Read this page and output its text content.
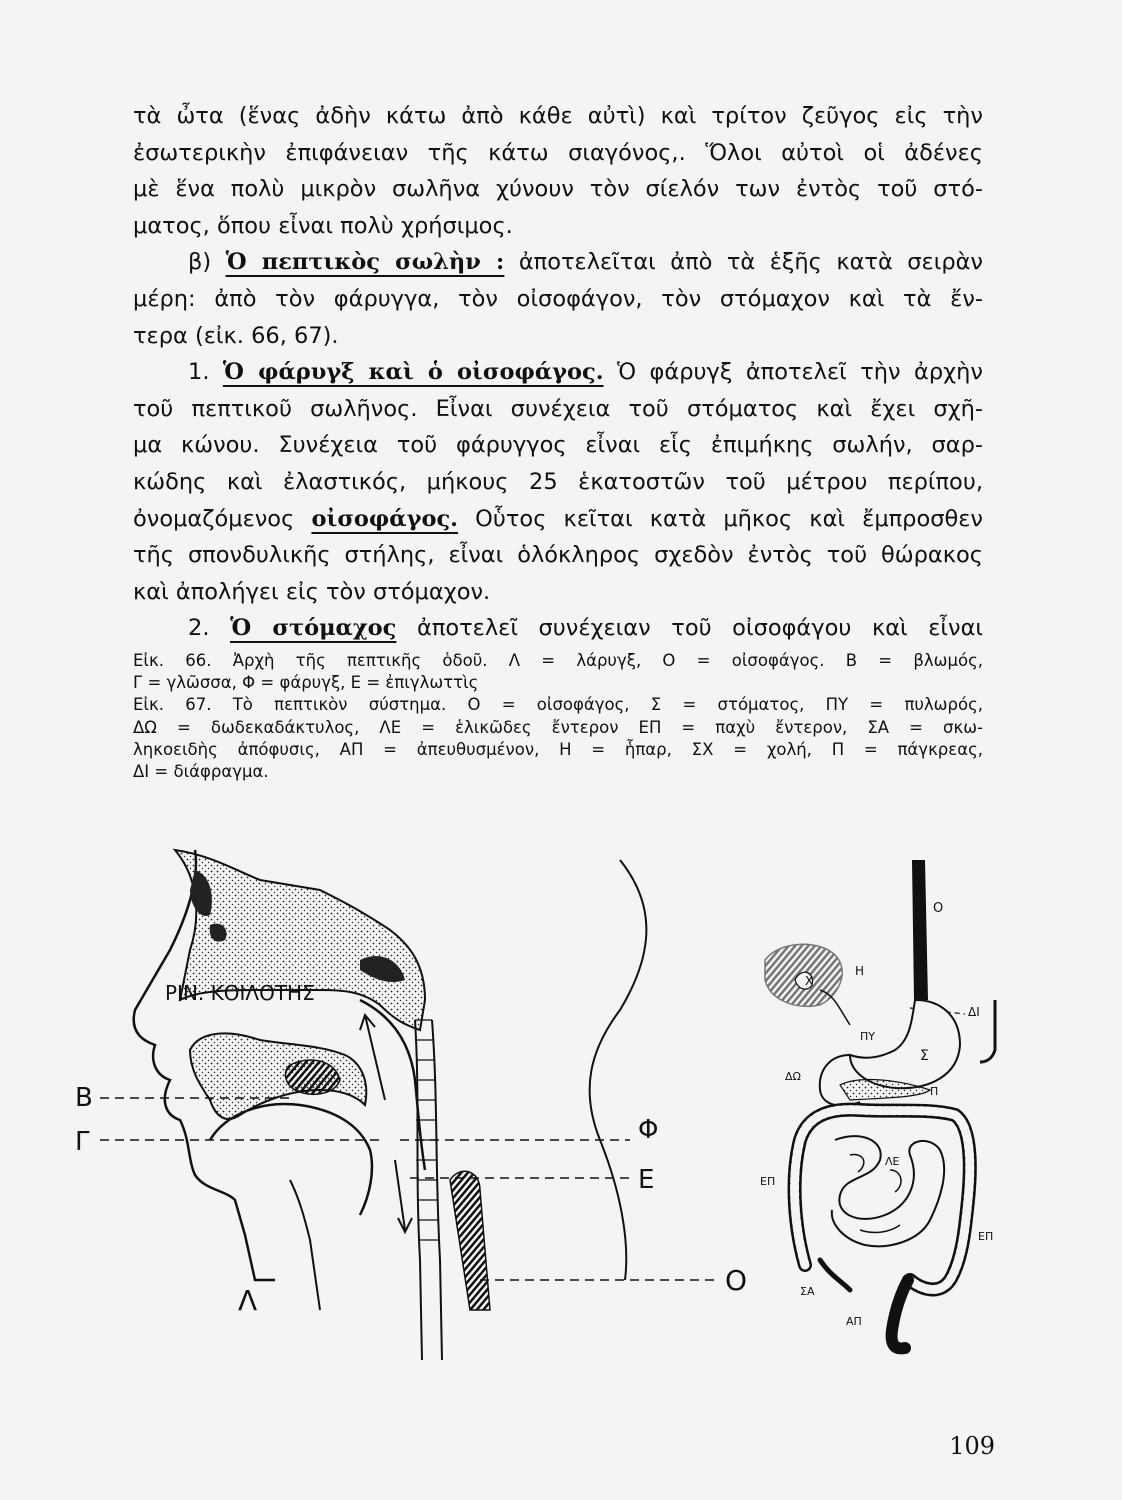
τὰ ὦτα (ἕνας ἀδὴν κάτω ἀπὸ κάθε αὐτὶ) καὶ τρίτον ζεῦγος εἰς τὴν
ἐσωτερικὴν ἐπιφάνειαν τῆς κάτω σιαγόνος,. Ὅλοι αὐτοὶ οἱ ἀδένες
μὲ ἕνα πολὺ μικρὸν σωλῆνα χύνουν τὸν σίελόν των ἐντὸς τοῦ στό-
ματος, ὅπου εἶναι πολὺ χρήσιμος.
β) Ὁ πεπτικὸς σωλὴν : ἀποτελεῖται ἀπὸ τὰ ἑξῆς κατὰ σειρὰν
μέρη: ἀπὸ τὸν φάρυγγα, τὸν οἰσοφάγον, τὸν στόμαχον καὶ τὰ ἔν-
τερα (εἰκ. 66, 67).
1. Ὁ φάρυγξ καὶ ὁ οἰσοφάγος. Ὁ φάρυγξ ἀποτελεῖ τὴν ἀρχὴν
τοῦ πεπτικοῦ σωλῆνος. Εἶναι συνέχεια τοῦ στόματος καὶ ἔχει σχῆ-
μα κώνου. Συνέχεια τοῦ φάρυγγος εἶναι εἷς ἐπιμήκης σωλήν, σαρ-
κώδης καὶ ἐλαστικός, μήκους 25 ἑκατοστῶν τοῦ μέτρου περίπου,
ὀνομαζόμενος οἰσοφάγος. Οὗτος κεῖται κατὰ μῆκος καὶ ἔμπροσθεν
τῆς σπονδυλικῆς στήλης, εἶναι ὁλόκληρος σχεδὸν ἐντὸς τοῦ θώρακος
καὶ ἀπολήγει εἰς τὸν στόμαχον.
2. Ὁ στόμαχος ἀποτελεῖ συνέχειαν τοῦ οἰσοφάγου καὶ εἶναι
Εἰκ. 66. Ἀρχὴ τῆς πεπτικῆς ὁδοῦ. Λ = λάρυγξ, Ο = οἰσοφάγος. Β = βλωμός,
Γ = γλῶσσα, Φ = φάρυγξ, Ε = ἐπιγλωττὶς
Εἰκ. 67. Τὸ πεπτικὸν σύστημα. Ο = οἰσοφάγος, Σ = στόματος, ΠΥ = πυλωρός,
ΔΩ = δωδεκαδάκτυλος, ΛΕ = ἑλικῶδες ἔντερον ΕΠ = παχὺ ἔντερον, ΣΑ = σκω-
ληκοειδὴς ἀπόφυσις, ΑΠ = ἀπευθυσμένον, Η = ἧπαρ, ΣΧ = χολή, Π = πάγκρεας,
ΔΙ = διάφραγμα.
ΡΙΝ. ΚΟΙΛΟΤΗΣ
Β
Γ	Φ
Ε
Λ
Ο
Ο
Η
Χ
ΔΙ
Σ
ΠΥ
ΔΩ
Π
ΛΕ
ΕΠ
ΕΠ
ΣΑ
ΑΠ
109
